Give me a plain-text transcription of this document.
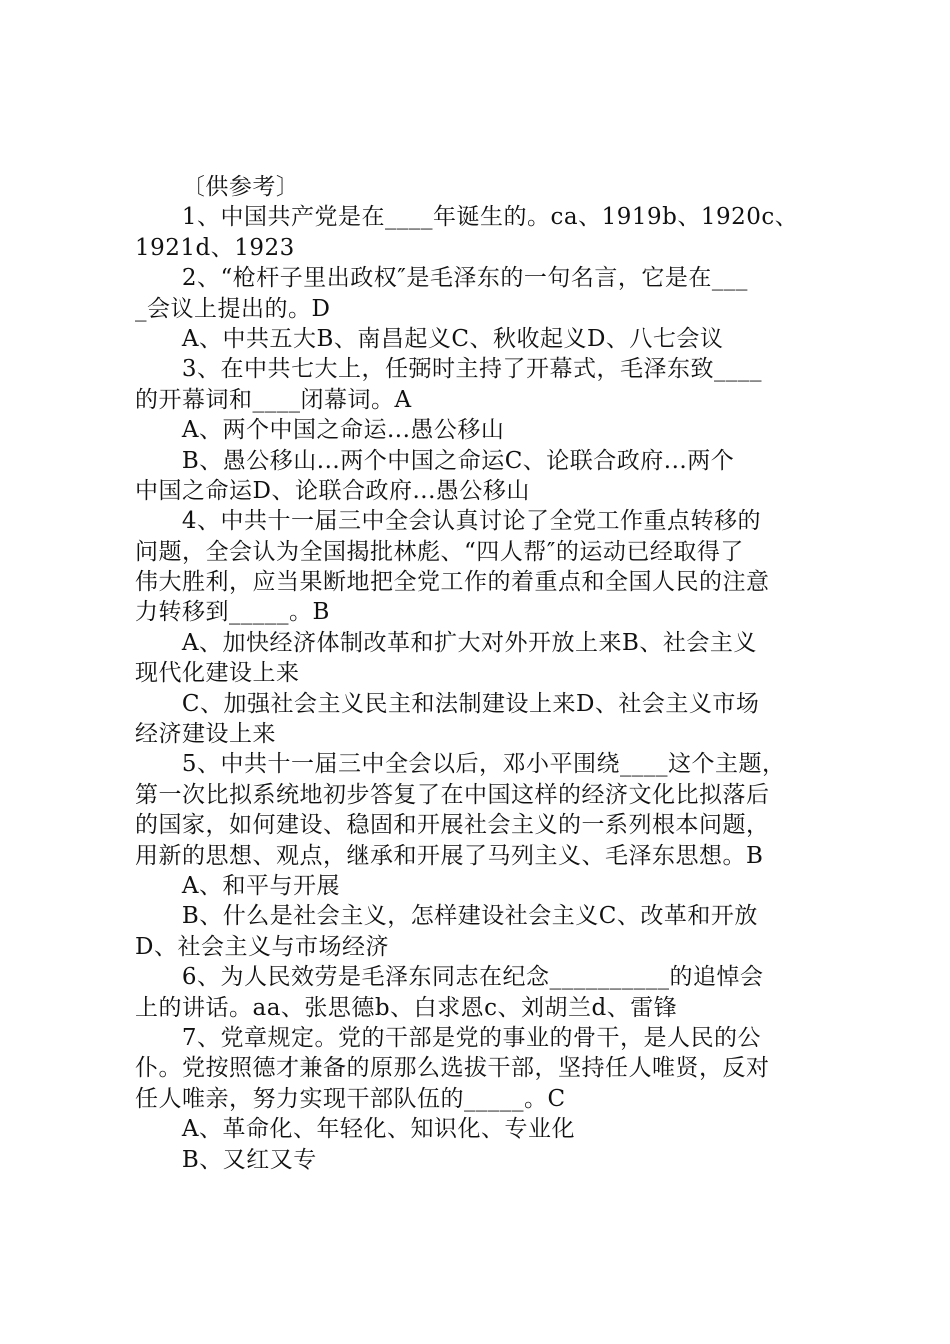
〔供参考〕
1、中国共产党是在____年诞生的。ca、1919b、1920c、
1921d、1923
2、“枪杆子里出政权″是毛泽东的一句名言，它是在___
_会议上提出的。D
A、中共五大B、南昌起义C、秋收起义D、八七会议
3、在中共七大上，任弼时主持了开幕式，毛泽东致____
的开幕词和____闭幕词。A
A、两个中国之命运...愚公移山
B、愚公移山...两个中国之命运C、论联合政府...两个
中国之命运D、论联合政府...愚公移山
4、中共十一届三中全会认真讨论了全党工作重点转移的
问题，全会认为全国揭批林彪、“四人帮″的运动已经取得了
伟大胜利，应当果断地把全党工作的着重点和全国人民的注意
力转移到_____。B
A、加快经济体制改革和扩大对外开放上来B、社会主义
现代化建设上来
C、加强社会主义民主和法制建设上来D、社会主义市场
经济建设上来
5、中共十一届三中全会以后，邓小平围绕____这个主题，
第一次比拟系统地初步答复了在中国这样的经济文化比拟落后
的国家，如何建设、稳固和开展社会主义的一系列根本问题，
用新的思想、观点，继承和开展了马列主义、毛泽东思想。B
A、和平与开展
B、什么是社会主义，怎样建设社会主义C、改革和开放
D、社会主义与市场经济
6、为人民效劳是毛泽东同志在纪念__________的追悼会
上的讲话。aa、张思德b、白求恩c、刘胡兰d、雷锋
7、党章规定。党的干部是党的事业的骨干，是人民的公
仆。党按照德才兼备的原那么选拔干部，坚持任人唯贤，反对
任人唯亲，努力实现干部队伍的_____。C
A、革命化、年轻化、知识化、专业化
B、又红又专
